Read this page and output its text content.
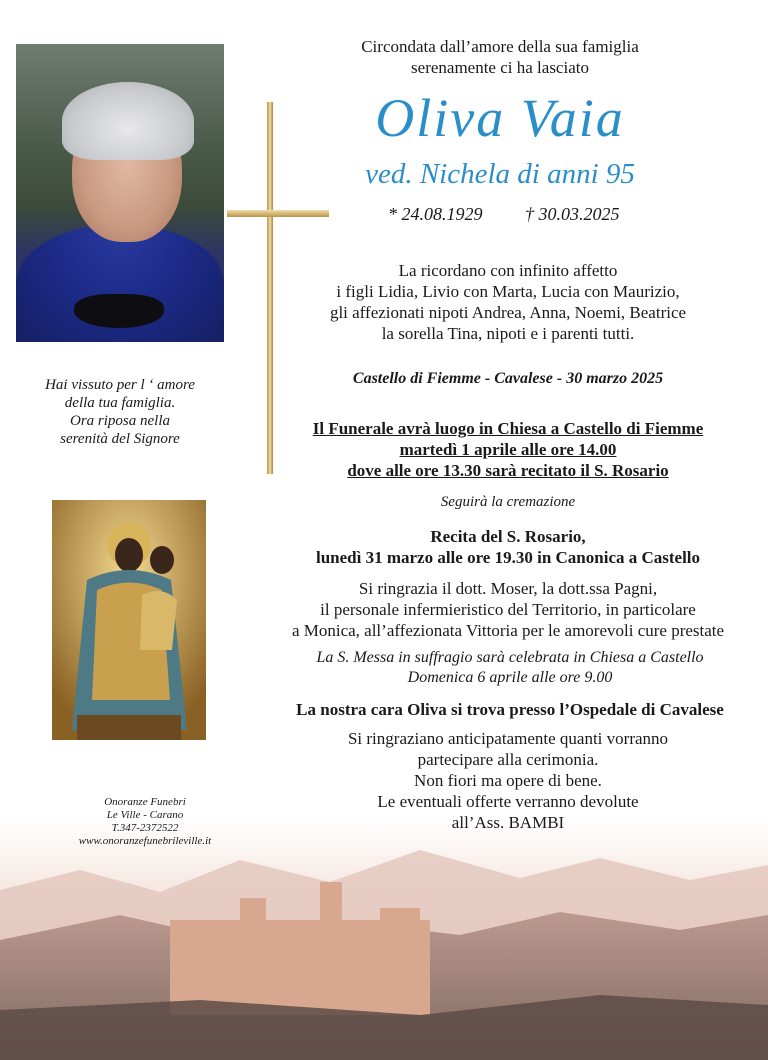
Circondata dall’amore della sua famiglia
serenamente ci ha lasciato
Oliva Vaia
ved. Nichela di anni 95
* 24.08.1929 † 30.03.2025
La ricordano con infinito affetto
i figli Lidia, Livio con Marta, Lucia con Maurizio,
gli affezionati nipoti Andrea, Anna, Noemi, Beatrice
la sorella Tina, nipoti e i parenti tutti.
Castello di Fiemme - Cavalese - 30 marzo 2025
Il Funerale avrà luogo in Chiesa a Castello di Fiemme
martedì 1 aprile alle ore 14.00
dove alle ore 13.30 sarà recitato il S. Rosario
Seguirà la cremazione
Recita del S. Rosario,
lunedì 31 marzo alle ore 19.30 in Canonica a Castello
Si ringrazia il dott. Moser, la dott.ssa Pagni,
il personale infermieristico del Territorio, in particolare
a Monica, all’affezionata Vittoria per le amorevoli cure prestate
La S. Messa in suffragio sarà celebrata in Chiesa a Castello
Domenica 6 aprile alle ore 9.00
La nostra cara Oliva si trova presso l’Ospedale di Cavalese
Si ringraziano anticipatamente quanti vorranno
partecipare alla cerimonia.
Non fiori ma opere di bene.
Le eventuali offerte verranno devolute
all’Ass. BAMBI
Hai vissuto per l ‘ amore
della tua famiglia.
Ora riposa nella
serenità del Signore
Onoranze Funebri
Le Ville - Carano
T.347-2372522
www.onoranzefunebrileville.it
